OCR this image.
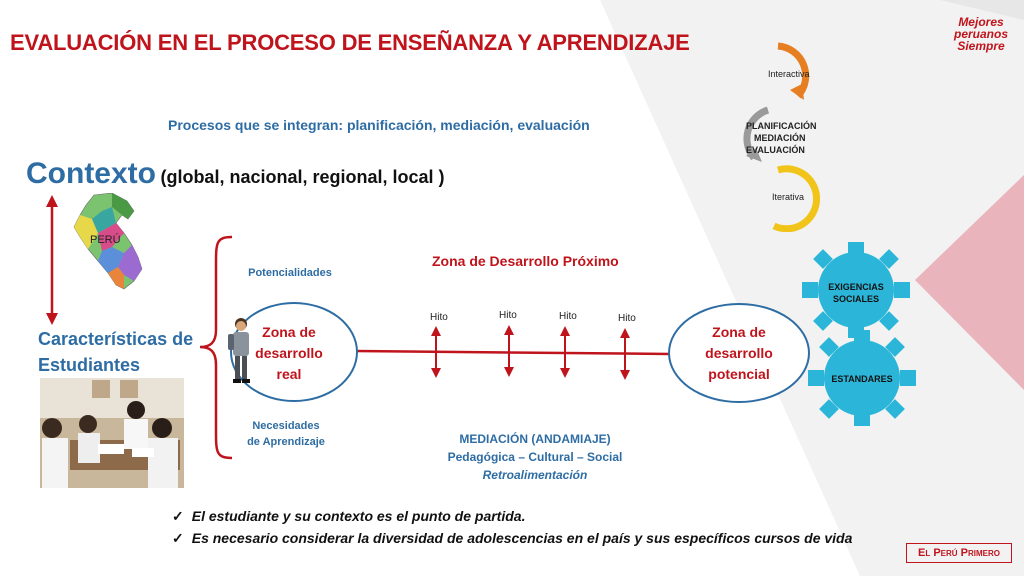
EVALUACIÓN EN EL PROCESO DE ENSEÑANZA Y APRENDIZAJE
Procesos que se integran: planificación, mediación, evaluación
Contexto (global, nacional, regional, local )
PERÚ
Características de
Estudiantes
Potencialidades
Necesidades
de Aprendizaje
Zona de Desarrollo Próximo
Hito	Hito	Hito	Hito
Zona de
desarrollo
real
Zona de
desarrollo
potencial
MEDIACIÓN (ANDAMIAJE)
Pedagógica – Cultural – Social
Retroalimentación
Interactiva
PLANIFICACIÓN
MEDIACIÓN
EVALUACIÓN
Iterativa
EXIGENCIAS
SOCIALES
ESTANDARES
✓ El estudiante y su contexto es el punto de partida.
✓ Es necesario considerar la diversidad de adolescencias en el país y sus específicos cursos de vida
Mejores
peruanos
Siempre
El Perú Primero
